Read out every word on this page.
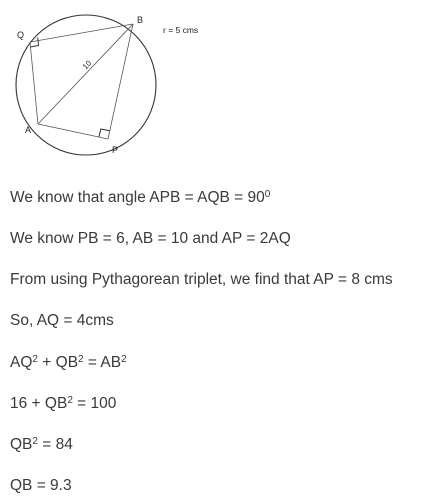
Q
B
A
P
10
r = 5 cms
We know that angle APB = AQB = $90^0$
We know PB = 6, AB = 10 and AP = 2AQ
From using Pythagorean triplet, we find that AP = 8 cms
So, AQ = 4cms
$AQ^2 + QB^2 = AB^2$
$16 + QB^2 = 100$
$QB^2 = 84$
QB = 9.3
